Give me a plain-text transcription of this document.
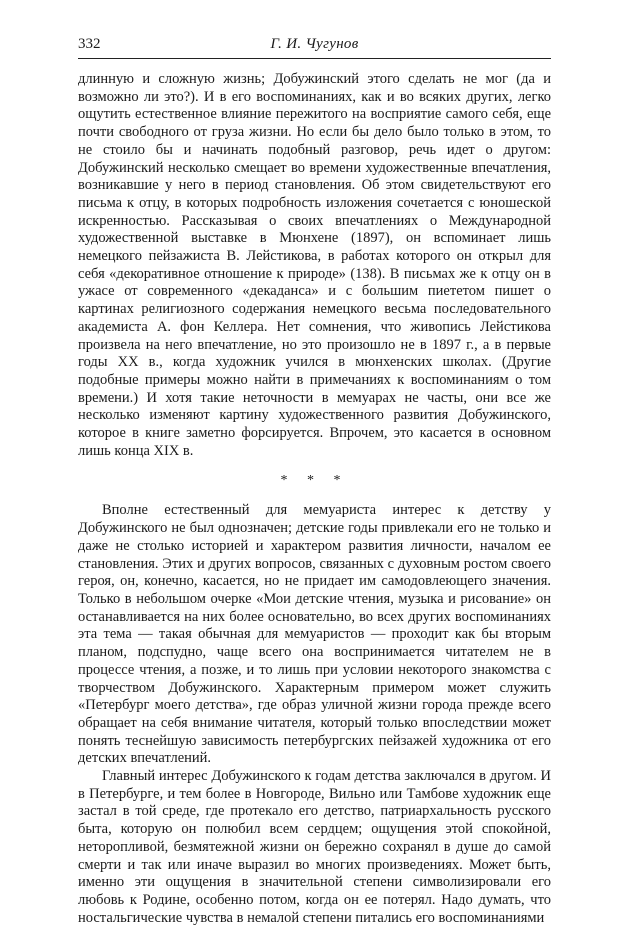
332	Г. И. Чугунов

длинную и сложную жизнь; Добужинский этого сделать не мог (да и возможно ли это?). И в его воспоминаниях, как и во всяких других, легко ощутить естественное влияние пережитого на восприятие самого себя, еще почти свободного от груза жизни. Но если бы дело было только в этом, то не стоило бы и начинать подобный разговор, речь идет о другом: Добужинский несколько смещает во времени художественные впечатления, возникавшие у него в период становления. Об этом свидетельствуют его письма к отцу, в которых подробность изложения сочетается с юношеской искренностью. Рассказывая о своих впечатлениях о Международной художественной выставке в Мюнхене (1897), он вспоминает лишь немецкого пейзажиста В. Лейстикова, в работах которого он открыл для себя «декоративное отношение к природе» (138). В письмах же к отцу он в ужасе от современного «декаданса» и с большим пиететом пишет о картинах религиозного содержания немецкого весьма последовательного академиста А. фон Келлера. Нет сомнения, что живопись Лейстикова произвела на него впечатление, но это произошло не в 1897 г., а в первые годы XX в., когда художник учился в мюнхенских школах. (Другие подобные примеры можно найти в примечаниях к воспоминаниям о том времени.) И хотя такие неточности в мемуарах не часты, они все же несколько изменяют картину художественного развития Добужинского, которое в книге заметно форсируется. Впрочем, это касается в основном лишь конца XIX в.

* * *

Вполне естественный для мемуариста интерес к детству у Добужинского не был однозначен; детские годы привлекали его не только и даже не столько историей и характером развития личности, началом ее становления. Этих и других вопросов, связанных с духовным ростом своего героя, он, конечно, касается, но не придает им самодовлеющего значения. Только в небольшом очерке «Мои детские чтения, музыка и рисование» он останавливается на них более основательно, во всех других воспоминаниях эта тема — такая обычная для мемуаристов — проходит как бы вторым планом, подспудно, чаще всего она воспринимается читателем не в процессе чтения, а позже, и то лишь при условии некоторого знакомства с творчеством Добужинского. Характерным примером может служить «Петербург моего детства», где образ уличной жизни города прежде всего обращает на себя внимание читателя, который только впоследствии может понять теснейшую зависимость петербургских пейзажей художника от его детских впечатлений.

Главный интерес Добужинского к годам детства заключался в другом. И в Петербурге, и тем более в Новгороде, Вильно или Тамбове художник еще застал в той среде, где протекало его детство, патриархальность русского быта, которую он полюбил всем сердцем; ощущения этой спокойной, неторопливой, безмятежной жизни он бережно сохранял в душе до самой смерти и так или иначе выразил во многих произведениях. Может быть, именно эти ощущения в значительной степени символизировали его любовь к Родине, особенно потом, когда он ее потерял. Надо думать, что ностальгические чувства в немалой степени питались его воспоминаниями
